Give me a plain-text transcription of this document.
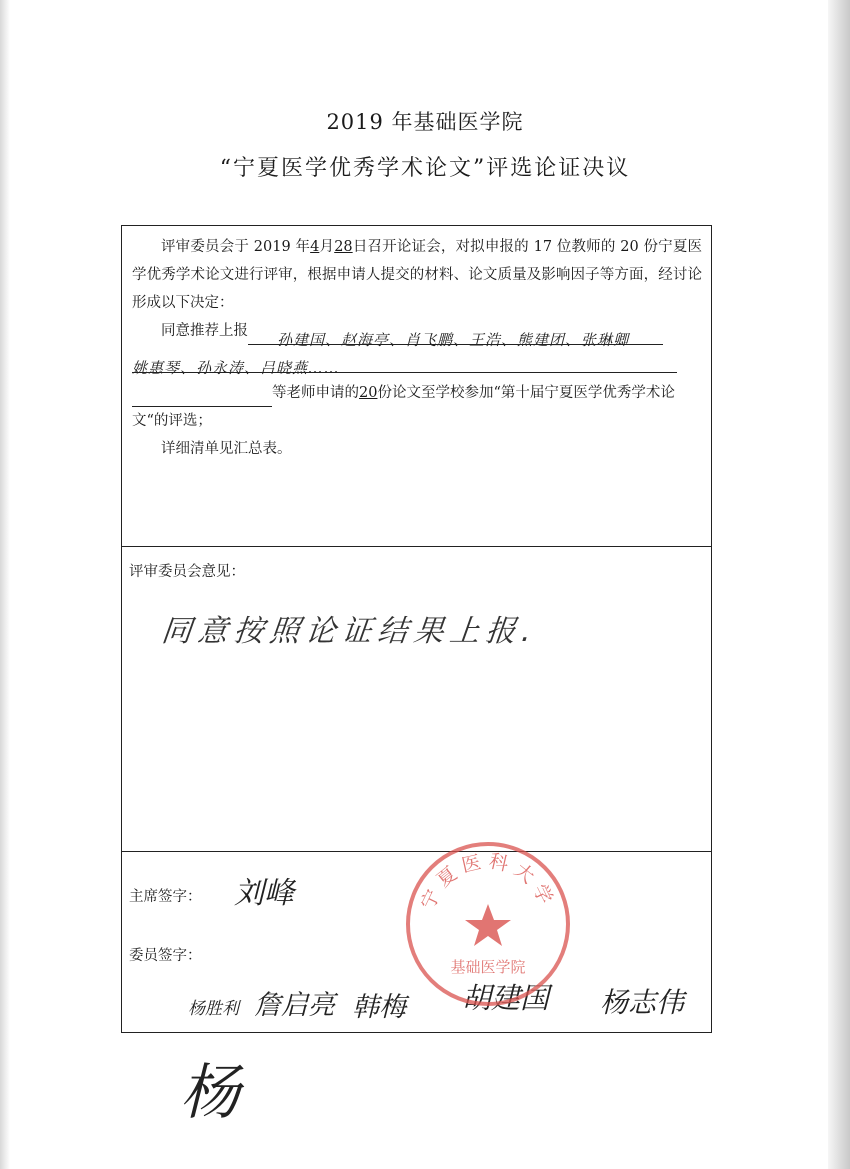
2019 年基础医学院
“宁夏医学优秀学术论文”评选论证决议
评审委员会于 2019 年4月28日召开论证会，对拟申报的 17 位教师的 20 份宁夏医学优秀学术论文进行评审，根据申请人提交的材料、论文质量及影响因子等方面，经讨论形成以下决定：
同意推荐上报 孙建国、赵海亭、肖飞鹏、王浩、熊建团、张琳卿
姚惠琴、孙永涛、吕晓燕……
等老师申请的20份论文至学校参加“第十届宁夏医学优秀学术论文“的评选；
详细清单见汇总表。
评审委员会意见：
同意按照论证结果上报.
主席签字： 刘峰
委员签字：
杨胜利 詹启亮 韩梅 胡建国 杨志伟
杨
宁夏医科大学
基础医学院
